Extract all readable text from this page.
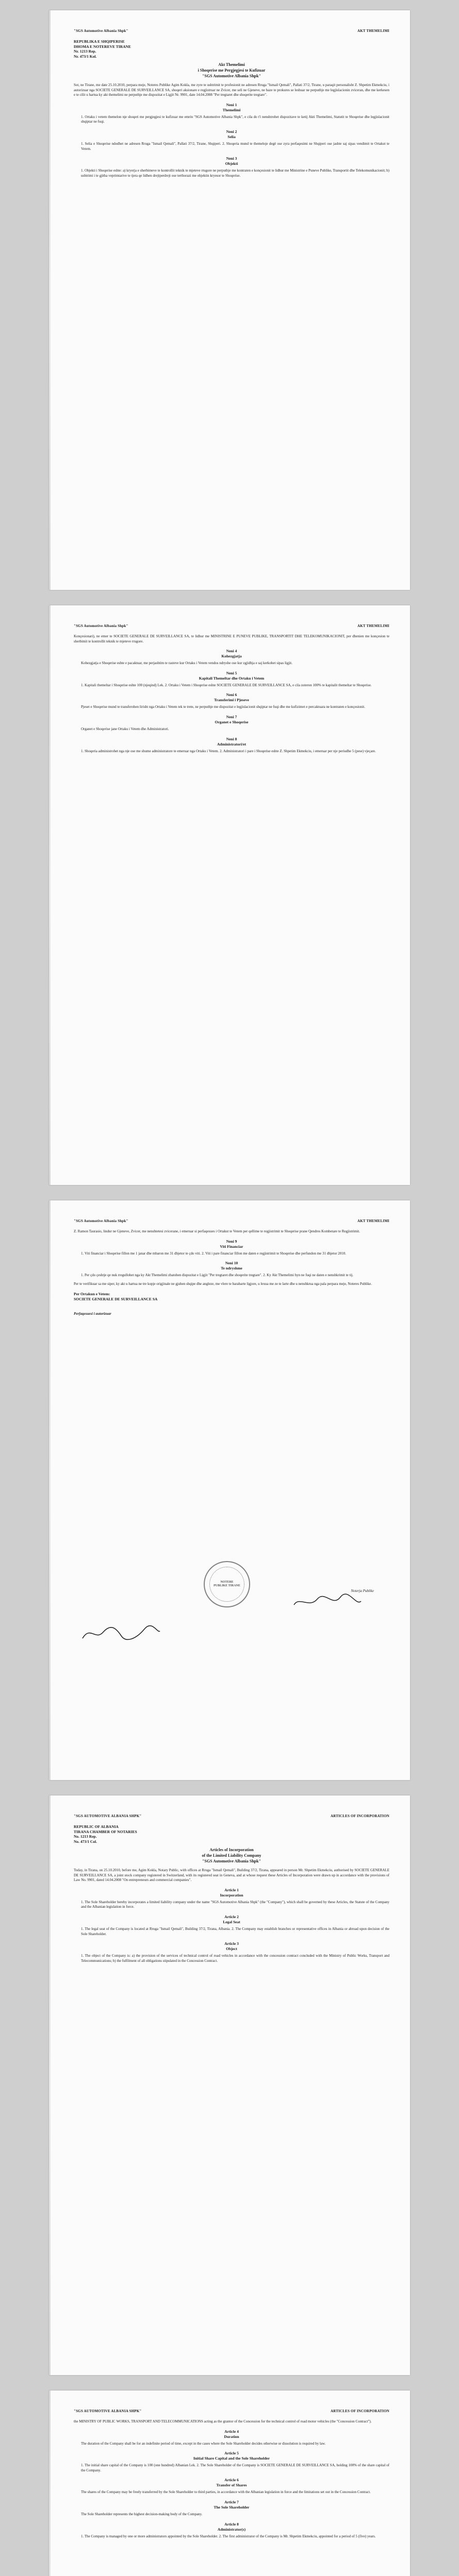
"SGS Automotive Albania Shpk"	AKT THEMELIMI
REPUBLIKA E SHQIPERISE
DHOMA E NOTEREVE TIRANE
Nr. 1213 Rep.
Nr. 473/1 Kol.
Akt Themelimi
i Shoqerise me Pergjegjesi te Kufizuar
"SGS Automotive Albania Shpk"

Sot, ne Tirane, me date 25.10.2010, perpara meje, Noteres Publike Agim Kokla, me zyre te ushtrimit te profesionit ne adresen Rruga "Ismail Qemali", Pallati 37/2, Tirane, u paraqit personalisht Z. Shpetim Ekmekciu, i autorizuar nga SOCIETE GENERALE DE SURVEILLANCE SA, shoqeri aksionare e regjistruar ne Zvicer, me seli ne Gjeneve, ne baze te prokures se leshuar ne perputhje me legjislacionin zviceran, dhe me kerkesen e te cilit u hartua ky akt themelimi ne perputhje me dispozitat e Ligjit Nr. 9901, date 14.04.2008 "Per tregtaret dhe shoqerite tregtare".

Neni 1
Themelimi

1. Ortaku i vetem themelon nje shoqeri me pergjegjesi te kufizuar me emrin "SGS Automotive Albania Shpk", e cila do t'i nenshtrohet dispozitave te ketij Akti Themelimi, Statutit te Shoqerise dhe legjislacionit shqiptar ne fuqi.

Neni 2
Selia

1. Selia e Shoqerise ndodhet ne adresen Rruga "Ismail Qemali", Pallati 37/2, Tirane, Shqiperi. 2. Shoqeria mund te themeloje degë ose zyra perfaqesimi ne Shqiperi ose jashte saj sipas vendimit te Ortakut te Vetem.

Neni 3
Objekti

1. Objekti i Shoqerise eshte: a) kryerja e sherbimeve te kontrollit teknik te mjeteve rrugore ne perputhje me kontraten e konçesionit te lidhur me Ministrine e Puneve Publike, Transportit dhe Telekomunikacionit; b) ushtrimi i te gjitha veprimtarive te tjera qe lidhen drejtperdrejt ose terthorazi me objektin kryesor te Shoqerise.

"SGS Automotive Albania Shpk"	AKT THEMELIMI

Konçesionari), ne emer te SOCIETE GENERALE DE SURVEILLANCE SA, te lidhur me MINISTRINE E PUNEVE PUBLIKE, TRANSPORTIT DHE TELEKOMUNIKACIONIT, per dhenien me konçesion te sherbimit te kontrollit teknik te mjeteve rrugore.

Neni 4
Kohezgjatja

Kohezgjatja e Shoqerise eshte e pacaktuar, me perjashtim te rasteve kur Ortaku i Vetem vendos ndryshe ose kur zgjidhja e saj kerkohet sipas ligjit.

Neni 5
Kapitali Themeltar dhe Ortaku i Vetem

1. Kapitali themeltar i Shoqerise eshte 100 (njeqind) Lek. 2. Ortaku i Vetem i Shoqerise eshte SOCIETE GENERALE DE SURVEILLANCE SA, e cila zoteron 100% te kapitalit themeltar te Shoqerise.

Neni 6
Transferimi i Pjeseve

Pjeset e Shoqerise mund te transferohen lirisht nga Ortaku i Vetem tek te trete, ne perputhje me dispozitat e legjislacionit shqiptar ne fuqi dhe me kufizimet e percaktuara ne kontraten e konçesionit.

Neni 7
Organet e Shoqerise

Organet e Shoqerise jane Ortaku i Vetem dhe Administratori.

Neni 8
Administratori/et

1. Shoqeria administrohet nga nje ose me shume administratore te emeruar nga Ortaku i Vetem. 2. Administratori i pare i Shoqerise eshte Z. Shpetim Ekmekciu, i emeruar per nje periudhe 5 (pese) vjeçare.

"SGS Automotive Albania Shpk"	AKT THEMELIMI

Z. Ramon Taurasio, lindur ne Gjeneve, Zvicer, me nenshtetesi zvicerane, i emeruar si perfaqesues i Ortakut te Vetem per qellime te regjistrimit te Shoqerise prane Qendres Kombetare te Regjistrimit.

Neni 9
Viti Financiar

1. Viti financiar i Shoqerise fillon me 1 janar dhe mbaron me 31 dhjetor te çdo viti. 2. Viti i pare financiar fillon me daten e regjistrimit te Shoqerise dhe perfundon me 31 dhjetor 2010.

Neni 10
Te ndryshme

1. Per çdo çeshtje qe nuk rregullohet nga ky Akt Themelimi zbatohen dispozitat e Ligjit "Per tregtaret dhe shoqerite tregtare". 2. Ky Akt Themelimi hyn ne fuqi ne daten e nenshkrimit te tij.

Per te verifikuar sa me siper, ky akt u hartua ne tre kopje origjinale ne gjuhen shqipe dhe angleze, me vlere te barabarte ligjore, u lexua me ze te larte dhe u nenshkrua nga pala perpara meje, Noteres Publike.

Per Ortakun e Vetem:
SOCIETE GENERALE DE SURVEILLANCE SA
Perfaqesuesi i autorizuar
Noterja Publike
NOTERE PUBLIKE TIRANE
"SGS AUTOMOTIVE ALBANIA SHPK"	ARTICLES OF INCORPORATION
REPUBLIC OF ALBANIA
TIRANA CHAMBER OF NOTARIES
No. 1213 Rep.
No. 473/1 Col.
Articles of Incorporation
of the Limited Liability Company
"SGS Automotive Albania Shpk"

Today, in Tirana, on 25.10.2010, before me, Agim Kokla, Notary Public, with offices at Rruga "Ismail Qemali", Building 37/2, Tirana, appeared in person Mr. Shpetim Ekmekciu, authorised by SOCIETE GENERALE DE SURVEILLANCE SA, a joint stock company registered in Switzerland, with its registered seat in Geneva, and at whose request these Articles of Incorporation were drawn up in accordance with the provisions of Law No. 9901, dated 14.04.2008 "On entrepreneurs and commercial companies".

Article 1
Incorporation

1. The Sole Shareholder hereby incorporates a limited liability company under the name "SGS Automotive Albania Shpk" (the "Company"), which shall be governed by these Articles, the Statute of the Company and the Albanian legislation in force.

Article 2
Legal Seat

1. The legal seat of the Company is located at Rruga "Ismail Qemali", Building 37/2, Tirana, Albania. 2. The Company may establish branches or representative offices in Albania or abroad upon decision of the Sole Shareholder.

Article 3
Object

1. The object of the Company is: a) the provision of the services of technical control of road vehicles in accordance with the concession contract concluded with the Ministry of Public Works, Transport and Telecommunications; b) the fulfilment of all obligations stipulated in the Concession Contract.

"SGS AUTOMOTIVE ALBANIA SHPK"	ARTICLES OF INCORPORATION

the MINISTRY OF PUBLIC WORKS, TRANSPORT AND TELECOMMUNICATIONS acting as the grantor of the Concession for the technical control of road motor vehicles (the "Concession Contract").

Article 4
Duration

The duration of the Company shall be for an indefinite period of time, except in the cases where the Sole Shareholder decides otherwise or dissolution is required by law.

Article 5
Initial Share Capital and the Sole Shareholder

1. The initial share capital of the Company is 100 (one hundred) Albanian Lek. 2. The Sole Shareholder of the Company is SOCIETE GENERALE DE SURVEILLANCE SA, holding 100% of the share capital of the Company.

Article 6
Transfer of Shares

The shares of the Company may be freely transferred by the Sole Shareholder to third parties, in accordance with the Albanian legislation in force and the limitations set out in the Concession Contract.

Article 7
The Sole Shareholder

The Sole Shareholder represents the highest decision-making body of the Company.

Article 8
Administrator(s)

1. The Company is managed by one or more administrators appointed by the Sole Shareholder. 2. The first administrator of the Company is Mr. Shpetim Ekmekciu, appointed for a period of 5 (five) years.
